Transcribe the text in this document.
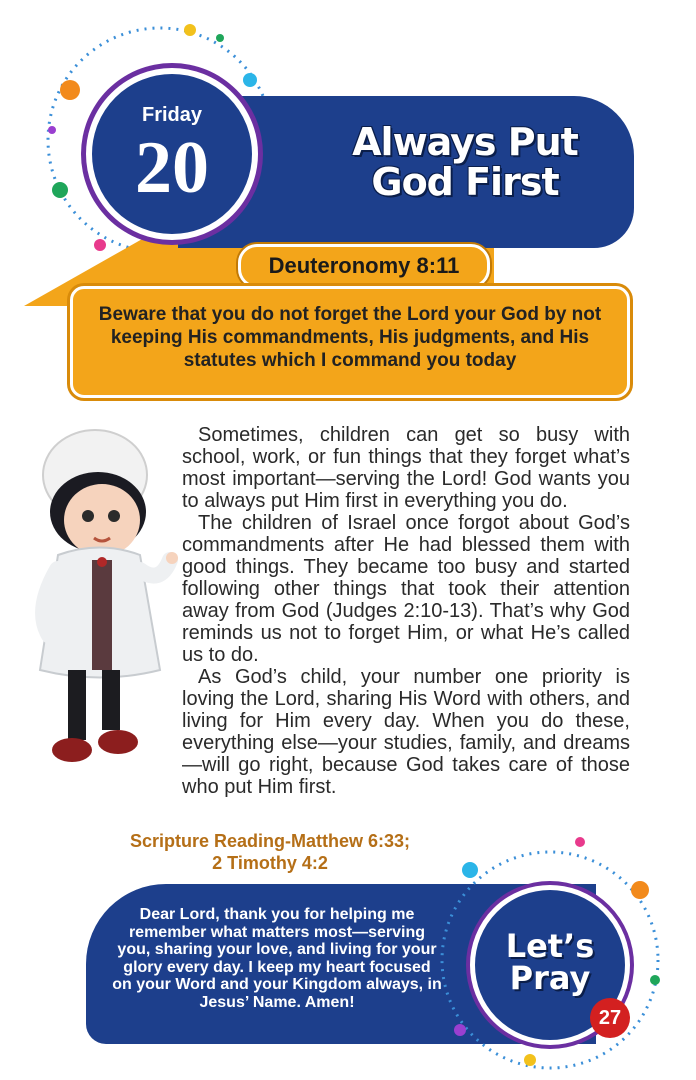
Friday
20	Always Put
God First
Deuteronomy 8:11
Beware that you do not forget the Lord your God by not keeping His commandments, His judgments, and His statutes which I command you today

Sometimes, children can get so busy with school, work, or fun things that they forget what’s most important—serving the Lord! God wants you to always put Him first in everything you do.

The children of Israel once forgot about God’s commandments after He had blessed them with good things. They became too busy and started following other things that took their attention away from God (Judges 2:10-13). That’s why God reminds us not to forget Him, or what He’s called us to do.

As God’s child, your number one priority is loving the Lord, sharing His Word with others, and living for Him every day. When you do these, everything else—your studies, family, and dreams—will go right, because God takes care of those who put Him first.

Scripture Reading-Matthew 6:33;
2 Timothy 4:2
Dear Lord, thank you for helping me remember what matters most—serving you, sharing your love, and living for your glory every day. I keep my heart focused on your Word and your Kingdom always, in Jesus’ Name. Amen!
Let’s
Pray
27
